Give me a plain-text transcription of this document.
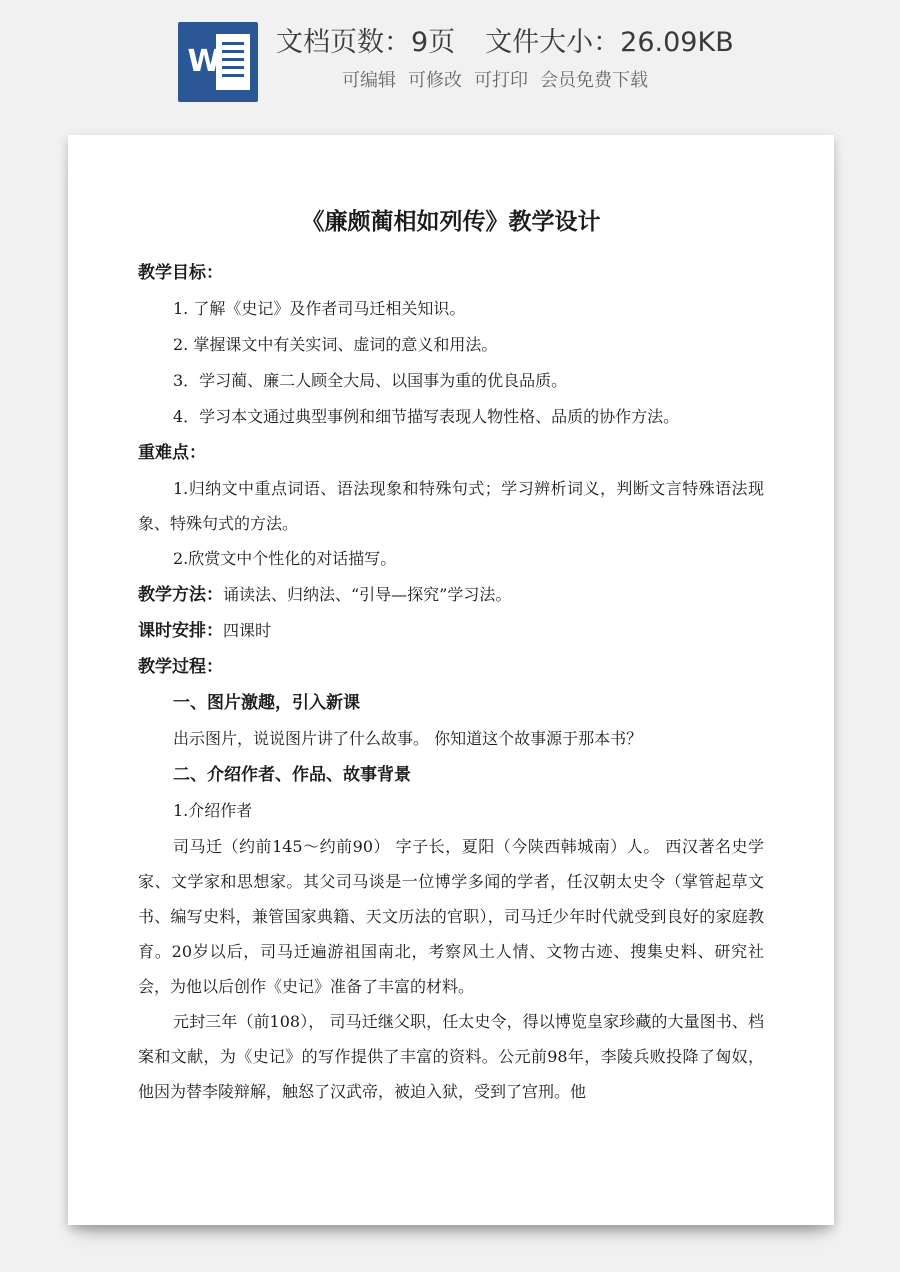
W
文档页数：9页 文件大小：26.09KB
可编辑 可修改 可打印 会员免费下载
《廉颇蔺相如列传》教学设计

教学目标：

1. 了解《史记》及作者司马迁相关知识。

2. 掌握课文中有关实词、虚词的意义和用法。

3．学习蔺、廉二人顾全大局、以国事为重的优良品质。

4．学习本文通过典型事例和细节描写表现人物性格、品质的协作方法。

重难点：

1.归纳文中重点词语、语法现象和特殊句式；学习辨析词义，判断文言特殊语法现象、特殊句式的方法。

2.欣赏文中个性化的对话描写。

教学方法：诵读法、归纳法、“引导—探究”学习法。

课时安排：四课时

教学过程：

一、图片激趣，引入新课

出示图片，说说图片讲了什么故事。 你知道这个故事源于那本书？

二、介绍作者、作品、故事背景

1.介绍作者

司马迁（约前145～约前90） 字子长，夏阳（今陕西韩城南）人。 西汉著名史学家、文学家和思想家。其父司马谈是一位博学多闻的学者，任汉朝太史令（掌管起草文书、编写史料，兼管国家典籍、天文历法的官职），司马迁少年时代就受到良好的家庭教育。20岁以后，司马迁遍游祖国南北，考察风土人情、文物古迹、搜集史料、研究社会，为他以后创作《史记》准备了丰富的材料。

元封三年（前108）， 司马迁继父职，任太史令，得以博览皇家珍藏的大量图书、档案和文献，为《史记》的写作提供了丰富的资料。公元前98年，李陵兵败投降了匈奴，他因为替李陵辩解，触怒了汉武帝，被迫入狱，受到了宫刑。他
